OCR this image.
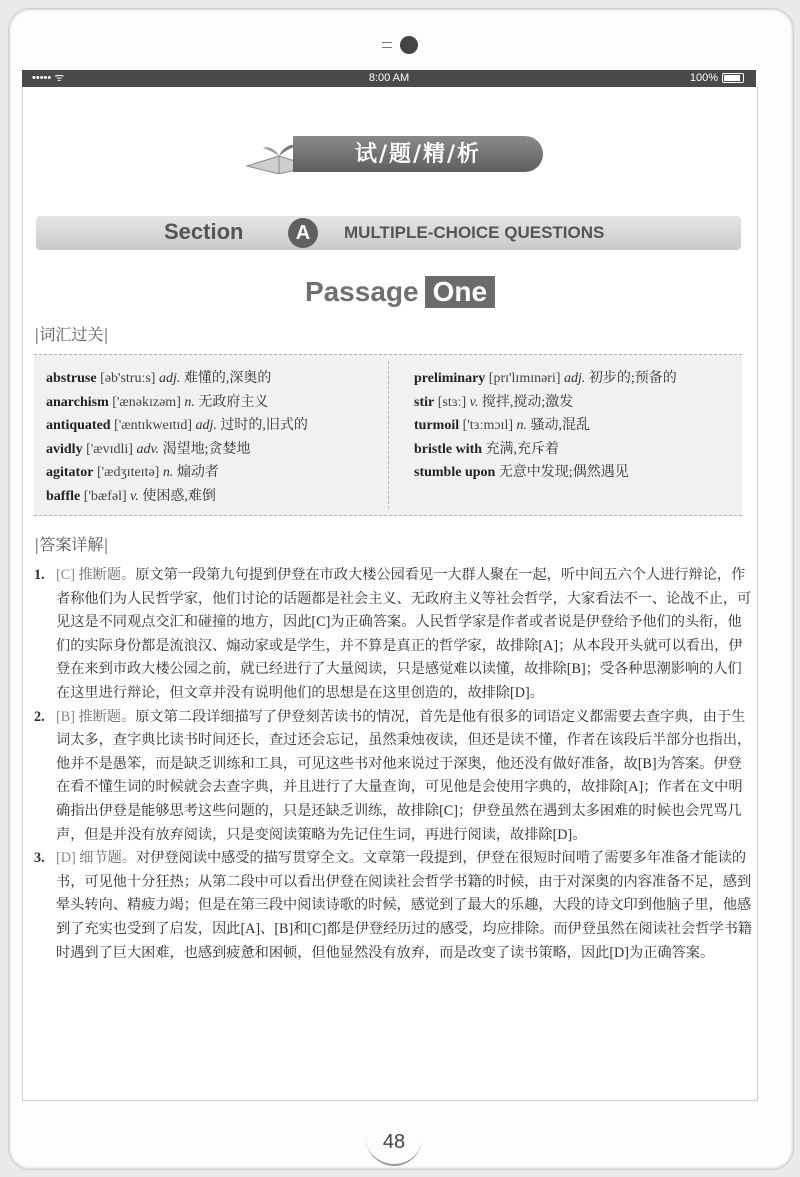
••••• ᯤ	8:00 AM	100%
试/题/精/析
Section	A	MULTIPLE-CHOICE QUESTIONS
Passage One
|词汇过关|
abstruse [əb'struːs] adj. 难懂的,深奥的
anarchism ['ænəkɪzəm] n. 无政府主义
antiquated ['æntɪkweɪtɪd] adj. 过时的,旧式的
avidly ['ævɪdli] adv. 渴望地;贪婪地
agitator ['ædʒɪteɪtə] n. 煽动者
baffle ['bæfəl] v. 使困惑,难倒
preliminary [prɪ'lɪmɪnəri] adj. 初步的;预备的
stir [stɜː] v. 搅拌,搅动;激发
turmoil ['tɜːmɔɪl] n. 骚动,混乱
bristle with 充满,充斥着
stumble upon 无意中发现;偶然遇见
|答案详解|
1. [C] 推断题。原文第一段第九句提到伊登在市政大楼公园看见一大群人聚在一起，听中间五六个人进行辩论，作者称他们为人民哲学家，他们讨论的话题都是社会主义、无政府主义等社会哲学，大家看法不一、论战不止，可见这是不同观点交汇和碰撞的地方，因此[C]为正确答案。人民哲学家是作者或者说是伊登给予他们的头衔，他们的实际身份都是流浪汉、煽动家或是学生，并不算是真正的哲学家，故排除[A]；从本段开头就可以看出，伊登在来到市政大楼公园之前，就已经进行了大量阅读，只是感觉难以读懂，故排除[B]；受各种思潮影响的人们在这里进行辩论，但文章并没有说明他们的思想是在这里创造的，故排除[D]。
2. [B] 推断题。原文第二段详细描写了伊登刻苦读书的情况，首先是他有很多的词语定义都需要去查字典，由于生词太多，查字典比读书时间还长，查过还会忘记，虽然秉烛夜读，但还是读不懂，作者在该段后半部分也指出，他并不是愚笨，而是缺乏训练和工具，可见这些书对他来说过于深奥，他还没有做好准备，故[B]为答案。伊登在看不懂生词的时候就会去查字典，并且进行了大量查询，可见他是会使用字典的，故排除[A]；作者在文中明确指出伊登是能够思考这些问题的，只是还缺乏训练，故排除[C]；伊登虽然在遇到太多困难的时候也会咒骂几声，但是并没有放弃阅读，只是变阅读策略为先记住生词，再进行阅读，故排除[D]。
3. [D] 细节题。对伊登阅读中感受的描写贯穿全文。文章第一段提到，伊登在很短时间啃了需要多年准备才能读的书，可见他十分狂热；从第二段中可以看出伊登在阅读社会哲学书籍的时候，由于对深奥的内容准备不足，感到晕头转向、精疲力竭；但是在第三段中阅读诗歌的时候，感觉到了最大的乐趣，大段的诗文印到他脑子里，他感到了充实也受到了启发，因此[A]、[B]和[C]都是伊登经历过的感受，均应排除。而伊登虽然在阅读社会哲学书籍时遇到了巨大困难，也感到疲惫和困顿，但他显然没有放弃，而是改变了读书策略，因此[D]为正确答案。
48
